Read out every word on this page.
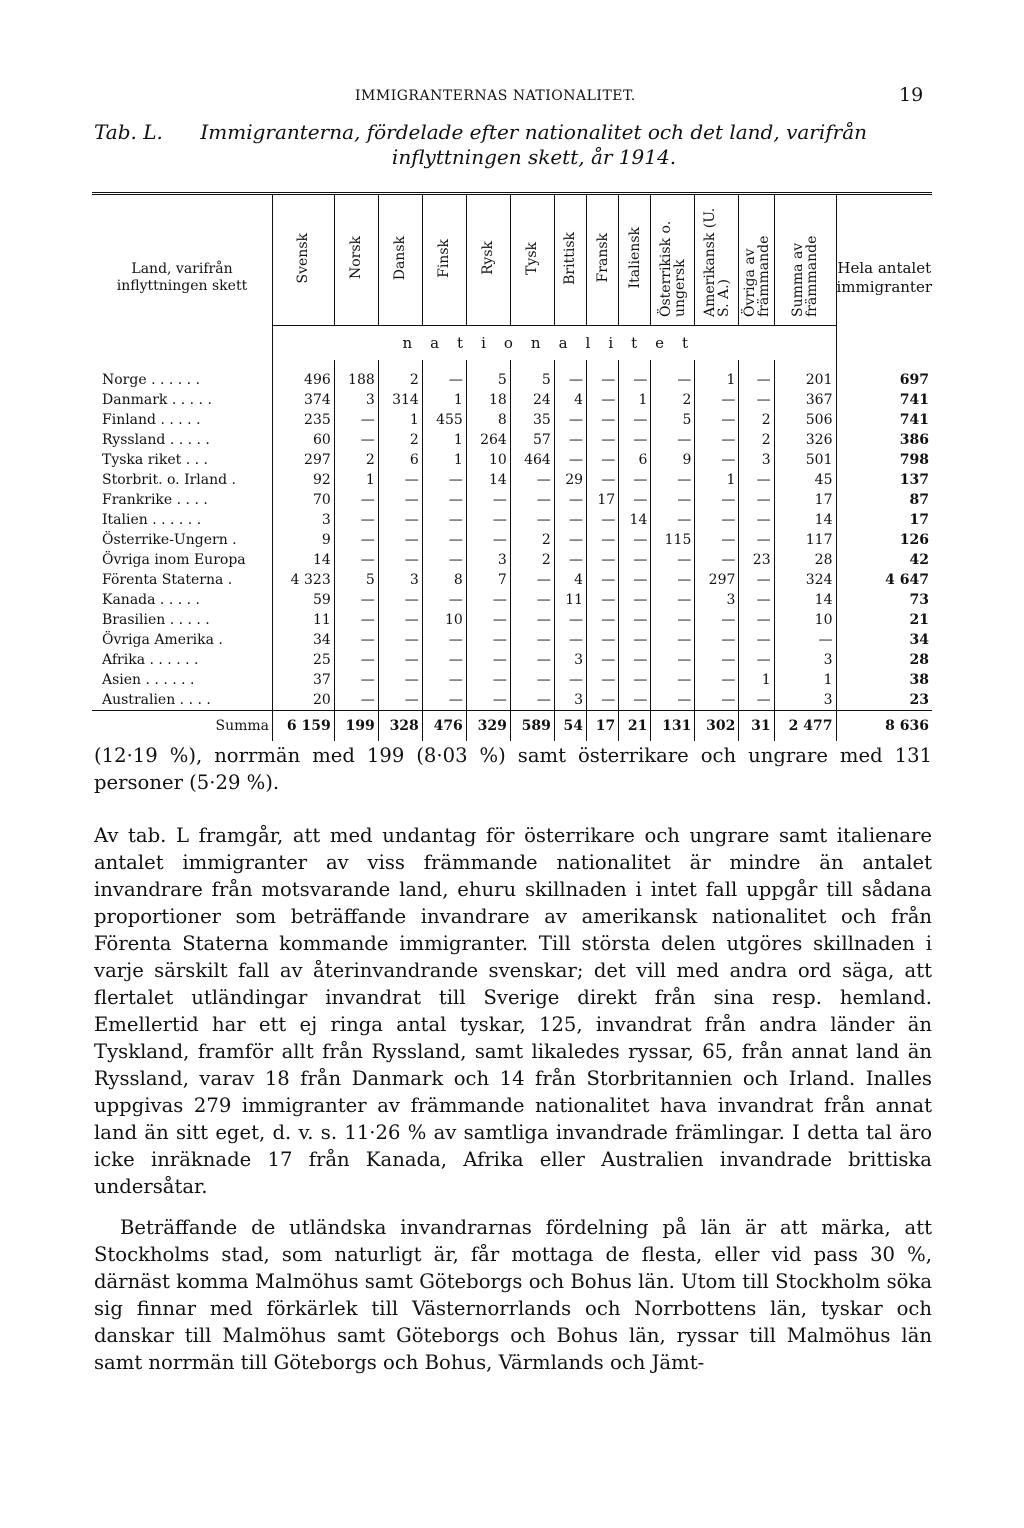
IMMIGRANTERNAS NATIONALITET.	19
Tab. L. Immigranterna, fördelade efter nationalitet och det land, varifrån
inflyttningen skett, år 1914.
Land, varifrån inflyttningen skett	Svensk	Norsk	Dansk	Finsk	Rysk	Tysk	Brittisk	Fransk	Italiensk	Österrikisk o. ungersk	Amerikansk (U. S. A.)	Övriga av främmande	Summa av främmande	Hela antalet immigranter
	nationalitet													
Norge . . . . . .	496	188	2	—	5	5	—	—	—	—	1	—	201	697
Danmark . . . . .	374	3	314	1	18	24	4	—	1	2	—	—	367	741
Finland . . . . .	235	—	1	455	8	35	—	—	—	5	—	2	506	741
Ryssland . . . . .	60	—	2	1	264	57	—	—	—	—	—	2	326	386
Tyska riket . . .	297	2	6	1	10	464	—	—	6	9	—	3	501	798
Storbrit. o. Irland .	92	1	—	—	14	—	29	—	—	—	1	—	45	137
Frankrike . . . .	70	—	—	—	—	—	—	17	—	—	—	—	17	87
Italien . . . . . .	3	—	—	—	—	—	—	—	14	—	—	—	14	17
Österrike-Ungern .	9	—	—	—	—	2	—	—	—	115	—	—	117	126
Övriga inom Europa	14	—	—	—	3	2	—	—	—	—	—	23	28	42
Förenta Staterna .	4 323	5	3	8	7	—	4	—	—	—	297	—	324	4 647
Kanada . . . . .	59	—	—	—	—	—	11	—	—	—	3	—	14	73
Brasilien . . . . .	11	—	—	10	—	—	—	—	—	—	—	—	10	21
Övriga Amerika .	34	—	—	—	—	—	—	—	—	—	—	—	—	34
Afrika . . . . . .	25	—	—	—	—	—	3	—	—	—	—	—	3	28
Asien . . . . . .	37	—	—	—	—	—	—	—	—	—	—	1	1	38
Australien . . . .	20	—	—	—	—	—	3	—	—	—	—	—	3	23
Summa	6 159	199	328	476	329	589	54	17	21	131	302	31	2 477	8 636
(12·19 %), norrmän med 199 (8·03 %) samt österrikare och ungrare med 131 personer (5·29 %).
Av tab. L framgår, att med undantag för österrikare och ungrare samt italienare antalet immigranter av viss främmande nationalitet är mindre än antalet invandrare från motsvarande land, ehuru skillnaden i intet fall uppgår till sådana proportioner som beträffande invandrare av amerikansk nationalitet och från Förenta Staterna kommande immigranter. Till största delen utgöres skillnaden i varje särskilt fall av återinvandrande svenskar; det vill med andra ord säga, att flertalet utländingar invandrat till Sverige direkt från sina resp. hemland. Emellertid har ett ej ringa antal tyskar, 125, invandrat från andra länder än Tyskland, framför allt från Ryssland, samt likaledes ryssar, 65, från annat land än Ryssland, varav 18 från Danmark och 14 från Storbritannien och Irland. Inalles uppgivas 279 immigranter av främmande nationalitet hava invandrat från annat land än sitt eget, d. v. s. 11·26 % av samtliga invandrade främlingar. I detta tal äro icke inräknade 17 från Kanada, Afrika eller Australien invandrade brittiska undersåtar.
Beträffande de utländska invandrarnas fördelning på län är att märka, att Stockholms stad, som naturligt är, får mottaga de flesta, eller vid pass 30 %, därnäst komma Malmöhus samt Göteborgs och Bohus län. Utom till Stockholm söka sig finnar med förkärlek till Västernorrlands och Norrbottens län, tyskar och danskar till Malmöhus samt Göteborgs och Bohus län, ryssar till Malmöhus län samt norrmän till Göteborgs och Bohus, Värmlands och Jämt-
